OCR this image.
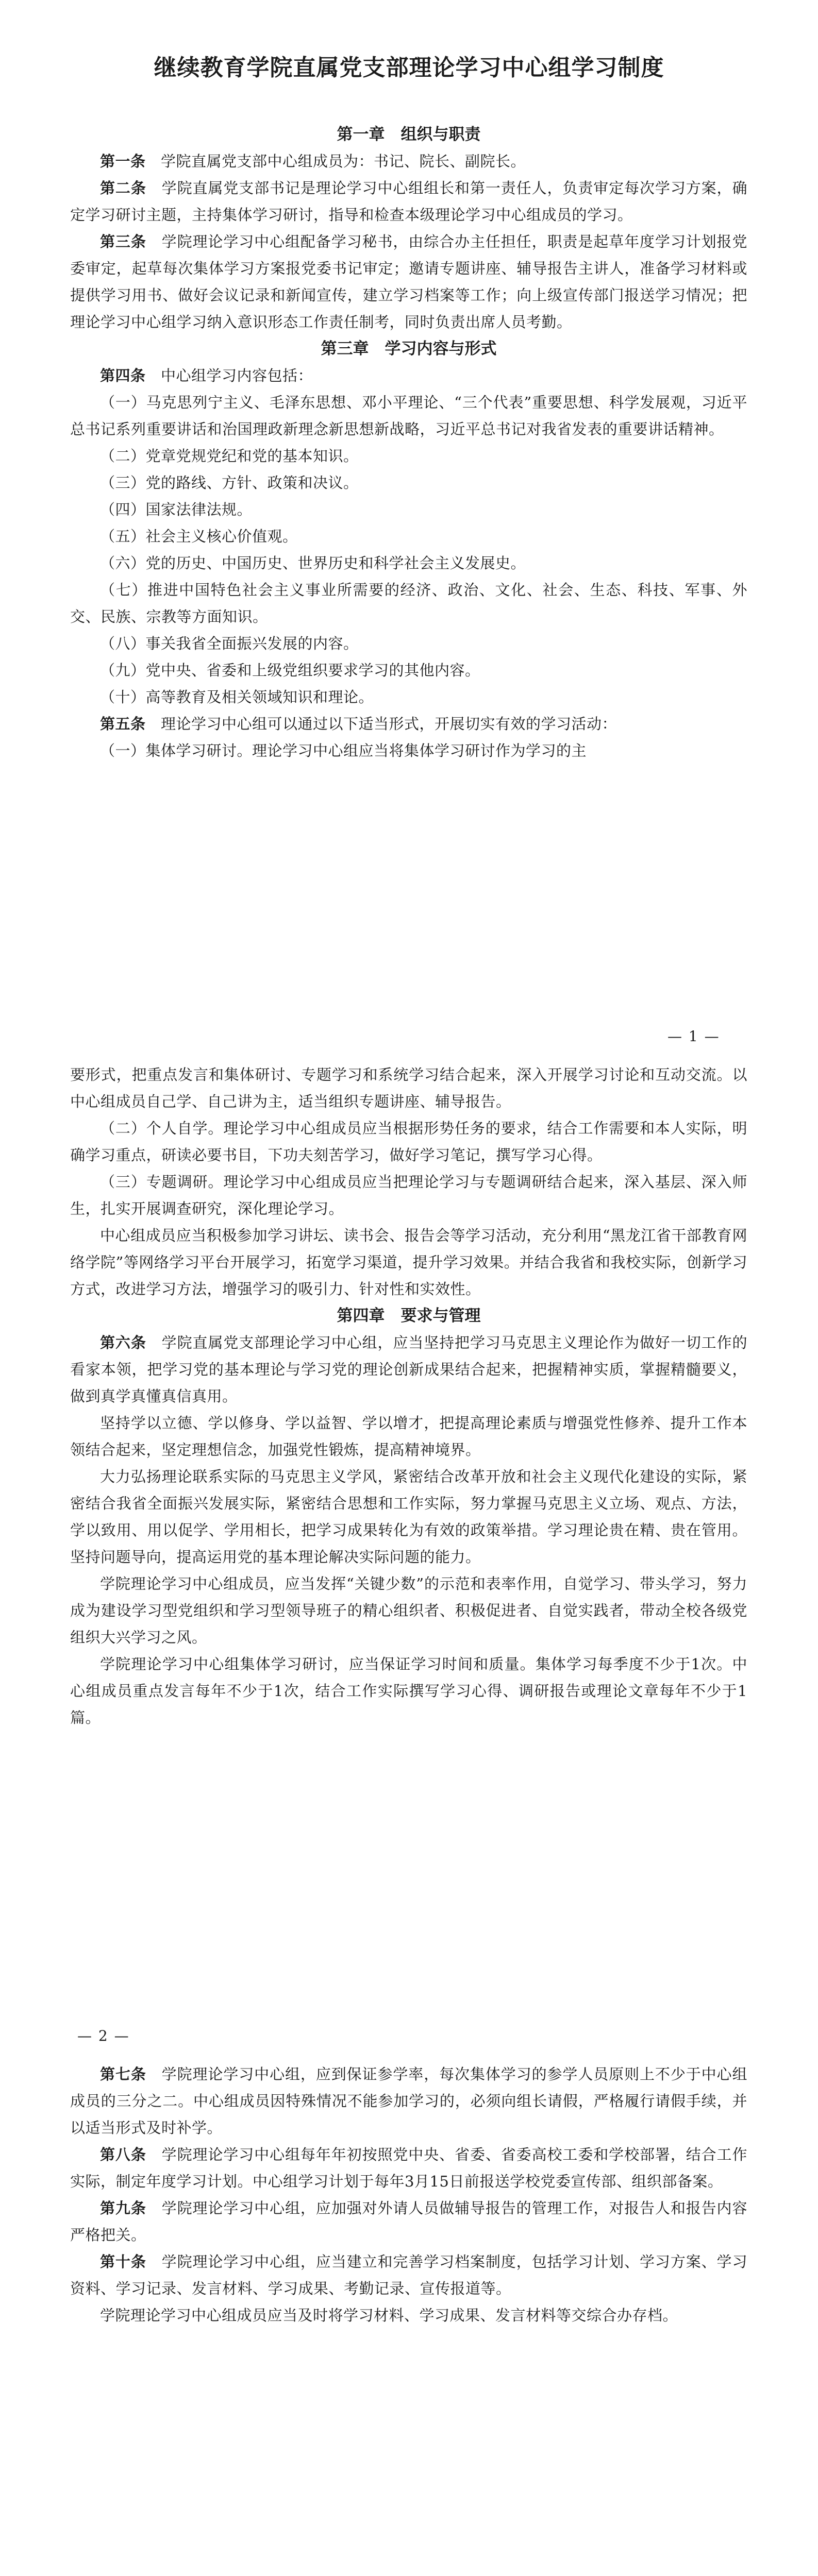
继续教育学院直属党支部理论学习中心组学习制度
第一章　组织与职责

第一条　 学院直属党支部中心组成员为：书记、院长、副院长。

第二条　 学院直属党支部书记是理论学习中心组组长和第一责任人，负责审定每次学习方案，确定学习研讨主题，主持集体学习研讨，指导和检查本级理论学习中心组成员的学习。

第三条　 学院理论学习中心组配备学习秘书，由综合办主任担任，职责是起草年度学习计划报党委审定，起草每次集体学习方案报党委书记审定；邀请专题讲座、辅导报告主讲人，准备学习材料或提供学习用书、做好会议记录和新闻宣传，建立学习档案等工作；向上级宣传部门报送学习情况；把理论学习中心组学习纳入意识形态工作责任制考，同时负责出席人员考勤。

第三章　学习内容与形式

第四条　 中心组学习内容包括：

（一）马克思列宁主义、毛泽东思想、邓小平理论、“三个代表”重要思想、科学发展观，习近平总书记系列重要讲话和治国理政新理念新思想新战略，习近平总书记对我省发表的重要讲话精神。

（二）党章党规党纪和党的基本知识。

（三）党的路线、方针、政策和决议。

（四）国家法律法规。

（五）社会主义核心价值观。

（六）党的历史、中国历史、世界历史和科学社会主义发展史。

（七）推进中国特色社会主义事业所需要的经济、政治、文化、社会、生态、科技、军事、外交、民族、宗教等方面知识。

（八）事关我省全面振兴发展的内容。

（九）党中央、省委和上级党组织要求学习的其他内容。

（十）高等教育及相关领域知识和理论。

第五条　 理论学习中心组可以通过以下适当形式，开展切实有效的学习活动：

（一）集体学习研讨。理论学习中心组应当将集体学习研讨作为学习的主

— 1 —

要形式，把重点发言和集体研讨、专题学习和系统学习结合起来，深入开展学习讨论和互动交流。以中心组成员自己学、自己讲为主，适当组织专题讲座、辅导报告。

（二）个人自学。理论学习中心组成员应当根据形势任务的要求，结合工作需要和本人实际，明确学习重点，研读必要书目，下功夫刻苦学习，做好学习笔记，撰写学习心得。

（三）专题调研。理论学习中心组成员应当把理论学习与专题调研结合起来，深入基层、深入师生，扎实开展调查研究，深化理论学习。

中心组成员应当积极参加学习讲坛、读书会、报告会等学习活动，充分利用“黑龙江省干部教育网络学院”等网络学习平台开展学习，拓宽学习渠道，提升学习效果。并结合我省和我校实际，创新学习方式，改进学习方法，增强学习的吸引力、针对性和实效性。

第四章　要求与管理

第六条　 学院直属党支部理论学习中心组，应当坚持把学习马克思主义理论作为做好一切工作的看家本领，把学习党的基本理论与学习党的理论创新成果结合起来，把握精神实质，掌握精髓要义，做到真学真懂真信真用。

坚持学以立德、学以修身、学以益智、学以增才，把提高理论素质与增强党性修养、提升工作本领结合起来，坚定理想信念，加强党性锻炼，提高精神境界。

大力弘扬理论联系实际的马克思主义学风，紧密结合改革开放和社会主义现代化建设的实际，紧密结合我省全面振兴发展实际，紧密结合思想和工作实际，努力掌握马克思主义立场、观点、方法，学以致用、用以促学、学用相长，把学习成果转化为有效的政策举措。学习理论贵在精、贵在管用。坚持问题导向，提高运用党的基本理论解决实际问题的能力。

学院理论学习中心组成员，应当发挥“关键少数”的示范和表率作用，自觉学习、带头学习，努力成为建设学习型党组织和学习型领导班子的精心组织者、积极促进者、自觉实践者，带动全校各级党组织大兴学习之风。

学院理论学习中心组集体学习研讨，应当保证学习时间和质量。集体学习每季度不少于1次。中心组成员重点发言每年不少于1次，结合工作实际撰写学习心得、调研报告或理论文章每年不少于1篇。

— 2 —

第七条　 学院理论学习中心组，应到保证参学率，每次集体学习的参学人员原则上不少于中心组成员的三分之二。中心组成员因特殊情况不能参加学习的，必须向组长请假，严格履行请假手续，并以适当形式及时补学。

第八条　 学院理论学习中心组每年年初按照党中央、省委、省委高校工委和学校部署，结合工作实际，制定年度学习计划。中心组学习计划于每年3月15日前报送学校党委宣传部、组织部备案。

第九条　 学院理论学习中心组，应加强对外请人员做辅导报告的管理工作，对报告人和报告内容严格把关。

第十条　 学院理论学习中心组，应当建立和完善学习档案制度，包括学习计划、学习方案、学习资料、学习记录、发言材料、学习成果、考勤记录、宣传报道等。

学院理论学习中心组成员应当及时将学习材料、学习成果、发言材料等交综合办存档。
